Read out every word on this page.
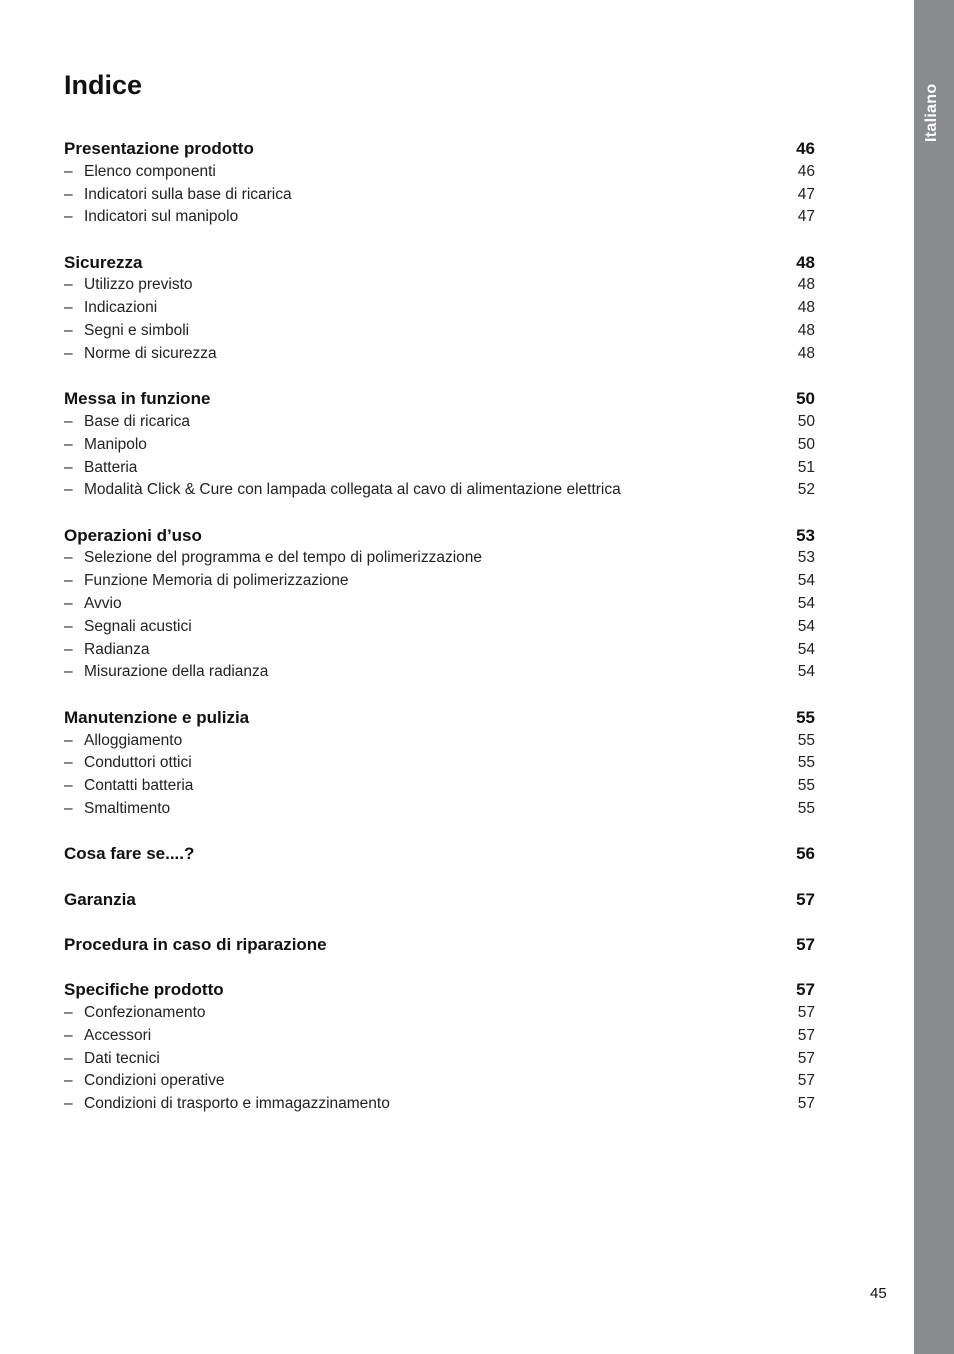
Italiano
Indice
Presentazione prodotto	46
– Elenco componenti	46
– Indicatori sulla base di ricarica	47
– Indicatori sul manipolo	47
Sicurezza	48
– Utilizzo previsto	48
– Indicazioni	48
– Segni e simboli	48
– Norme di sicurezza	48
Messa in funzione	50
– Base di ricarica	50
– Manipolo	50
– Batteria	51
– Modalità Click & Cure con lampada collegata al cavo di alimentazione elettrica	52
Operazioni d’uso	53
– Selezione del programma e del tempo di polimerizzazione	53
– Funzione Memoria di polimerizzazione	54
– Avvio	54
– Segnali acustici	54
– Radianza	54
– Misurazione della radianza	54
Manutenzione e pulizia	55
– Alloggiamento	55
– Conduttori ottici	55
– Contatti batteria	55
– Smaltimento	55
Cosa fare se....?	56
Garanzia	57
Procedura in caso di riparazione	57
Specifiche prodotto	57
– Confezionamento	57
– Accessori	57
– Dati tecnici	57
– Condizioni operative	57
– Condizioni di trasporto e immagazzinamento	57
45
